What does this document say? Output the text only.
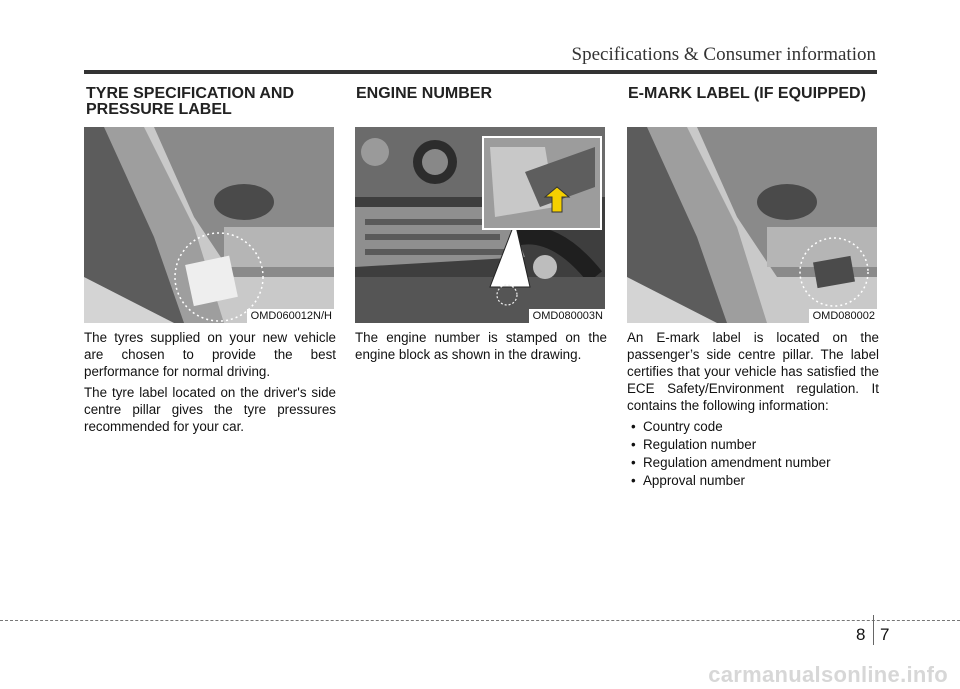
Specifications & Consumer information
TYRE SPECIFICATION AND
PRESSURE LABEL
ENGINE NUMBER	E-MARK LABEL (IF EQUIPPED)
OMD060012N/H	OMD080003N	OMD080002

The tyres supplied on your new vehicle are chosen to provide the best performance for normal driving.

The tyre label located on the driver's side centre pillar gives the tyre pressures recommended for your car.

The engine number is stamped on the engine block as shown in the drawing.

An E-mark label is located on the passenger’s side centre pillar. The label certifies that your vehicle has satisfied the ECE Safety/Environment regulation. It contains the following information:

• Country code
• Regulation number
• Regulation amendment number
• Approval number
8 7
carmanualsonline.info
